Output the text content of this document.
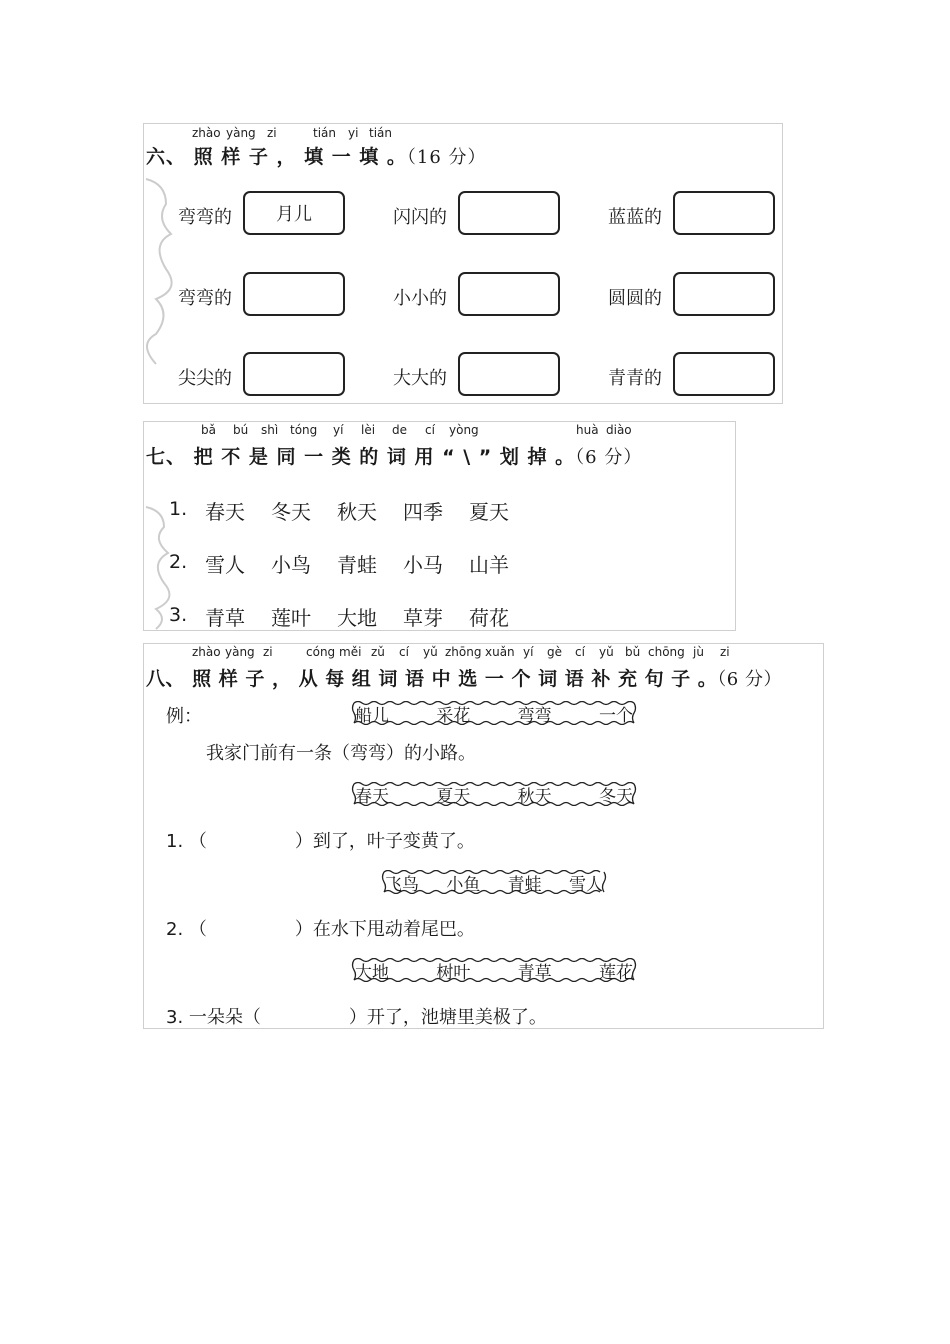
zhào yàng zi	tián yi tián
六、 照 样 子 ， 填 一 填 。（16 分）
弯弯的 月儿	闪闪的	蓝蓝的
弯弯的	小小的	圆圆的
尖尖的	大大的	青青的
bǎ bú shì tóng yí lèi de cí yòng	huà diào
七、 把 不 是 同 一 类 的 词 用 “ \ ” 划 掉 。（6 分）
1. 春天 冬天 秋天 四季 夏天
2. 雪人 小鸟 青蛙 小马 山羊
3. 青草 莲叶 大地 草芽 荷花
zhào yàng zi	cóng měi zǔ cí yǔ zhōng xuǎn yí gè cí yǔ bǔ chōng jù zi
八、 照 样 子 ， 从 每 组 词 语 中 选 一 个 词 语 补 充 句 子 。（6 分）
例：	船儿	采花	弯弯	一个
我家门前有一条（弯弯）的小路。
春天	夏天	秋天	冬天
1. （	）到了，叶子变黄了。
飞鸟 小鱼 青蛙 雪人
2. （	）在水下甩动着尾巴。
大地	树叶	青草	莲花
3. 一朵朵（	）开了，池塘里美极了。
